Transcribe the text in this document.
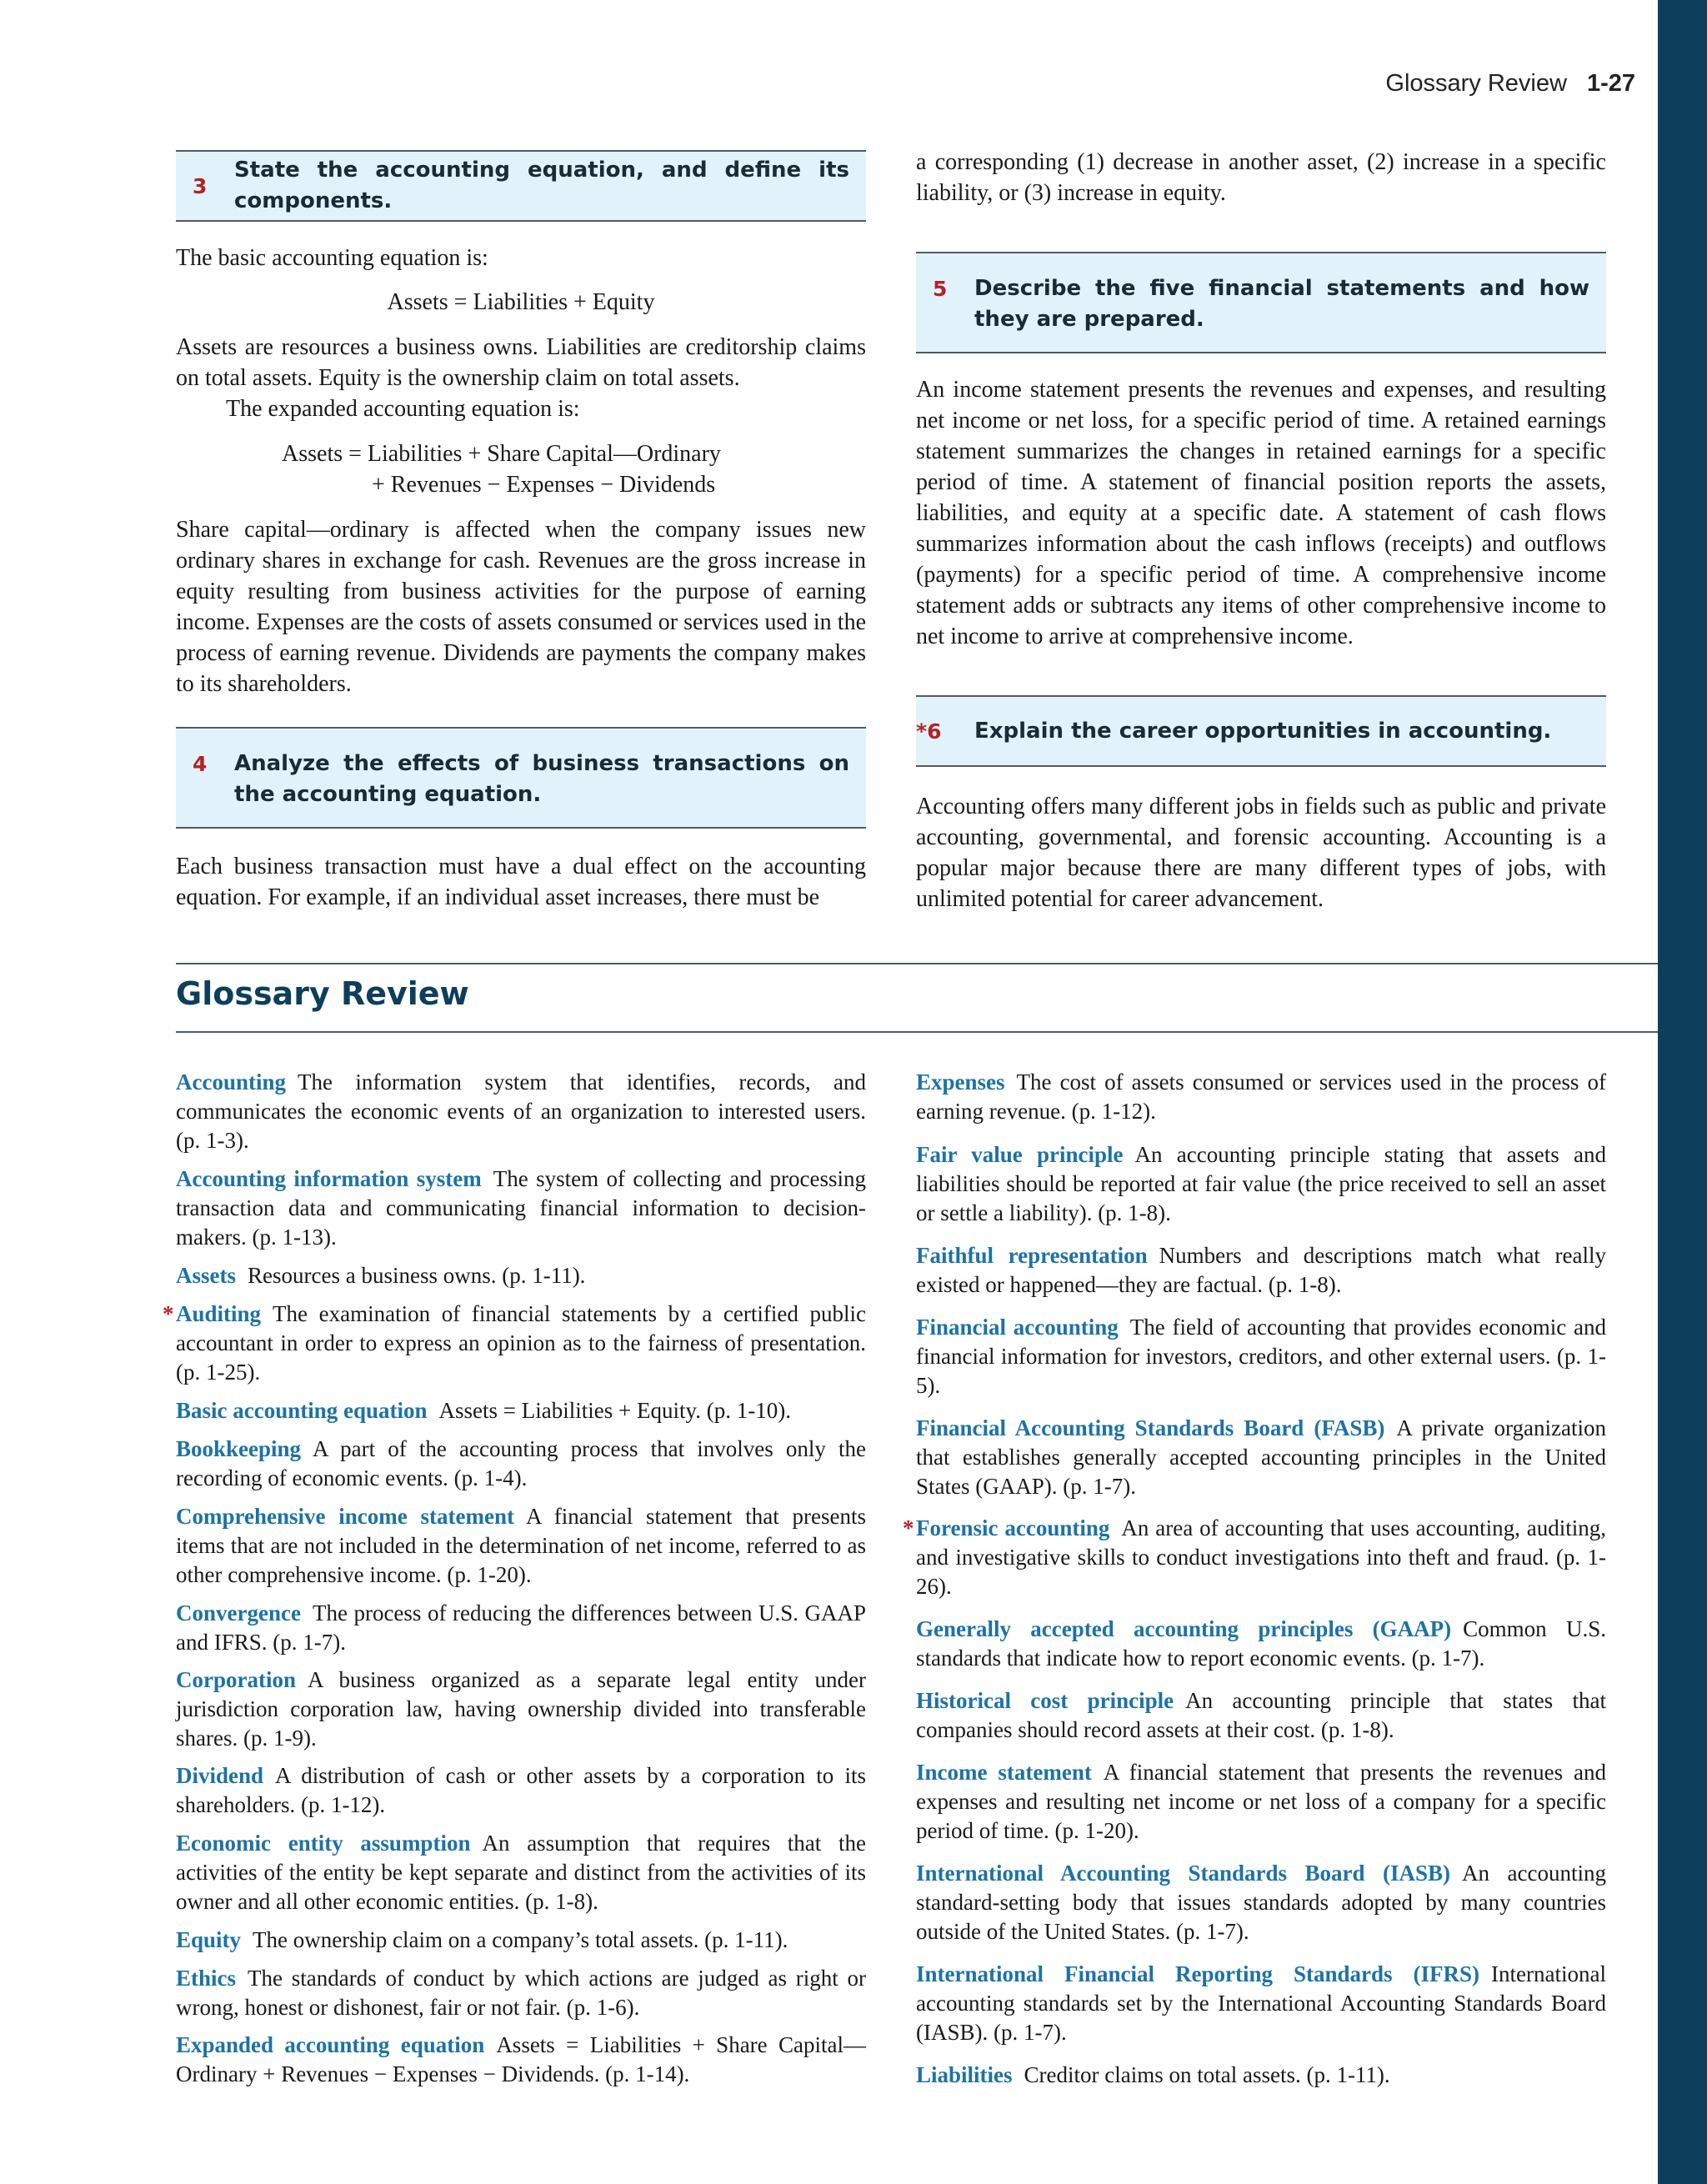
Glossary Review 1-27
3
State the accounting equation, and define its components.
The basic accounting equation is:
Assets = Liabilities + Equity
Assets are resources a business owns. Liabilities are creditorship claims on total assets. Equity is the ownership claim on total assets.
The expanded accounting equation is:
Assets = Liabilities + Share Capital—Ordinary
+ Revenues − Expenses − Dividends
Share capital—ordinary is affected when the company issues new ordinary shares in exchange for cash. Revenues are the gross increase in equity resulting from business activities for the purpose of earning income. Expenses are the costs of assets consumed or services used in the process of earning revenue. Dividends are payments the company makes to its shareholders.
4	Analyze the effects of business transactions on the accounting equation.
Each business transaction must have a dual effect on the accounting equation. For example, if an individual asset increases, there must be
a corresponding (1) decrease in another asset, (2) increase in a specific liability, or (3) increase in equity.
5	Describe the five financial statements and how they are prepared.
An income statement presents the revenues and expenses, and resulting net income or net loss, for a specific period of time. A retained earnings statement summarizes the changes in retained earnings for a specific period of time. A statement of financial position reports the assets, liabilities, and equity at a specific date. A statement of cash flows summarizes information about the cash inflows (receipts) and outflows (payments) for a specific period of time. A comprehensive income statement adds or subtracts any items of other comprehensive income to net income to arrive at comprehensive income.
*6	Explain the career opportunities in accounting.
Accounting offers many different jobs in fields such as public and private accounting, governmental, and forensic accounting. Accounting is a popular major because there are many different types of jobs, with unlimited potential for career advancement.
Glossary Review
Accounting The information system that identifies, records, and communicates the economic events of an organization to interested users. (p. 1-3).
Accounting information system The system of collecting and processing transaction data and communicating financial information to decision-makers. (p. 1-13).
Assets Resources a business owns. (p. 1-11).
* Auditing The examination of financial statements by a certified public accountant in order to express an opinion as to the fairness of presentation. (p. 1-25).
Basic accounting equation Assets = Liabilities + Equity. (p. 1-10).
Bookkeeping A part of the accounting process that involves only the recording of economic events. (p. 1-4).
Comprehensive income statement A financial statement that presents items that are not included in the determination of net income, referred to as other comprehensive income. (p. 1-20).
Convergence The process of reducing the differences between U.S. GAAP and IFRS. (p. 1-7).
Corporation A business organized as a separate legal entity under jurisdiction corporation law, having ownership divided into transferable shares. (p. 1-9).
Dividend A distribution of cash or other assets by a corporation to its shareholders. (p. 1-12).
Economic entity assumption An assumption that requires that the activities of the entity be kept separate and distinct from the activities of its owner and all other economic entities. (p. 1-8).
Equity The ownership claim on a company’s total assets. (p. 1-11).
Ethics The standards of conduct by which actions are judged as right or wrong, honest or dishonest, fair or not fair. (p. 1-6).
Expanded accounting equation Assets = Liabilities + Share Capital—Ordinary + Revenues − Expenses − Dividends. (p. 1-14).
Expenses The cost of assets consumed or services used in the process of earning revenue. (p. 1-12).
Fair value principle An accounting principle stating that assets and liabilities should be reported at fair value (the price received to sell an asset or settle a liability). (p. 1-8).
Faithful representation Numbers and descriptions match what really existed or happened—they are factual. (p. 1-8).
Financial accounting The field of accounting that provides economic and financial information for investors, creditors, and other external users. (p. 1-5).
Financial Accounting Standards Board (FASB) A private organization that establishes generally accepted accounting principles in the United States (GAAP). (p. 1-7).
* Forensic accounting An area of accounting that uses accounting, auditing, and investigative skills to conduct investigations into theft and fraud. (p. 1-26).
Generally accepted accounting principles (GAAP) Common U.S. standards that indicate how to report economic events. (p. 1-7).
Historical cost principle An accounting principle that states that companies should record assets at their cost. (p. 1-8).
Income statement A financial statement that presents the revenues and expenses and resulting net income or net loss of a company for a specific period of time. (p. 1-20).
International Accounting Standards Board (IASB) An accounting standard-setting body that issues standards adopted by many countries outside of the United States. (p. 1-7).
International Financial Reporting Standards (IFRS) International accounting standards set by the International Accounting Standards Board (IASB). (p. 1-7).
Liabilities Creditor claims on total assets. (p. 1-11).
